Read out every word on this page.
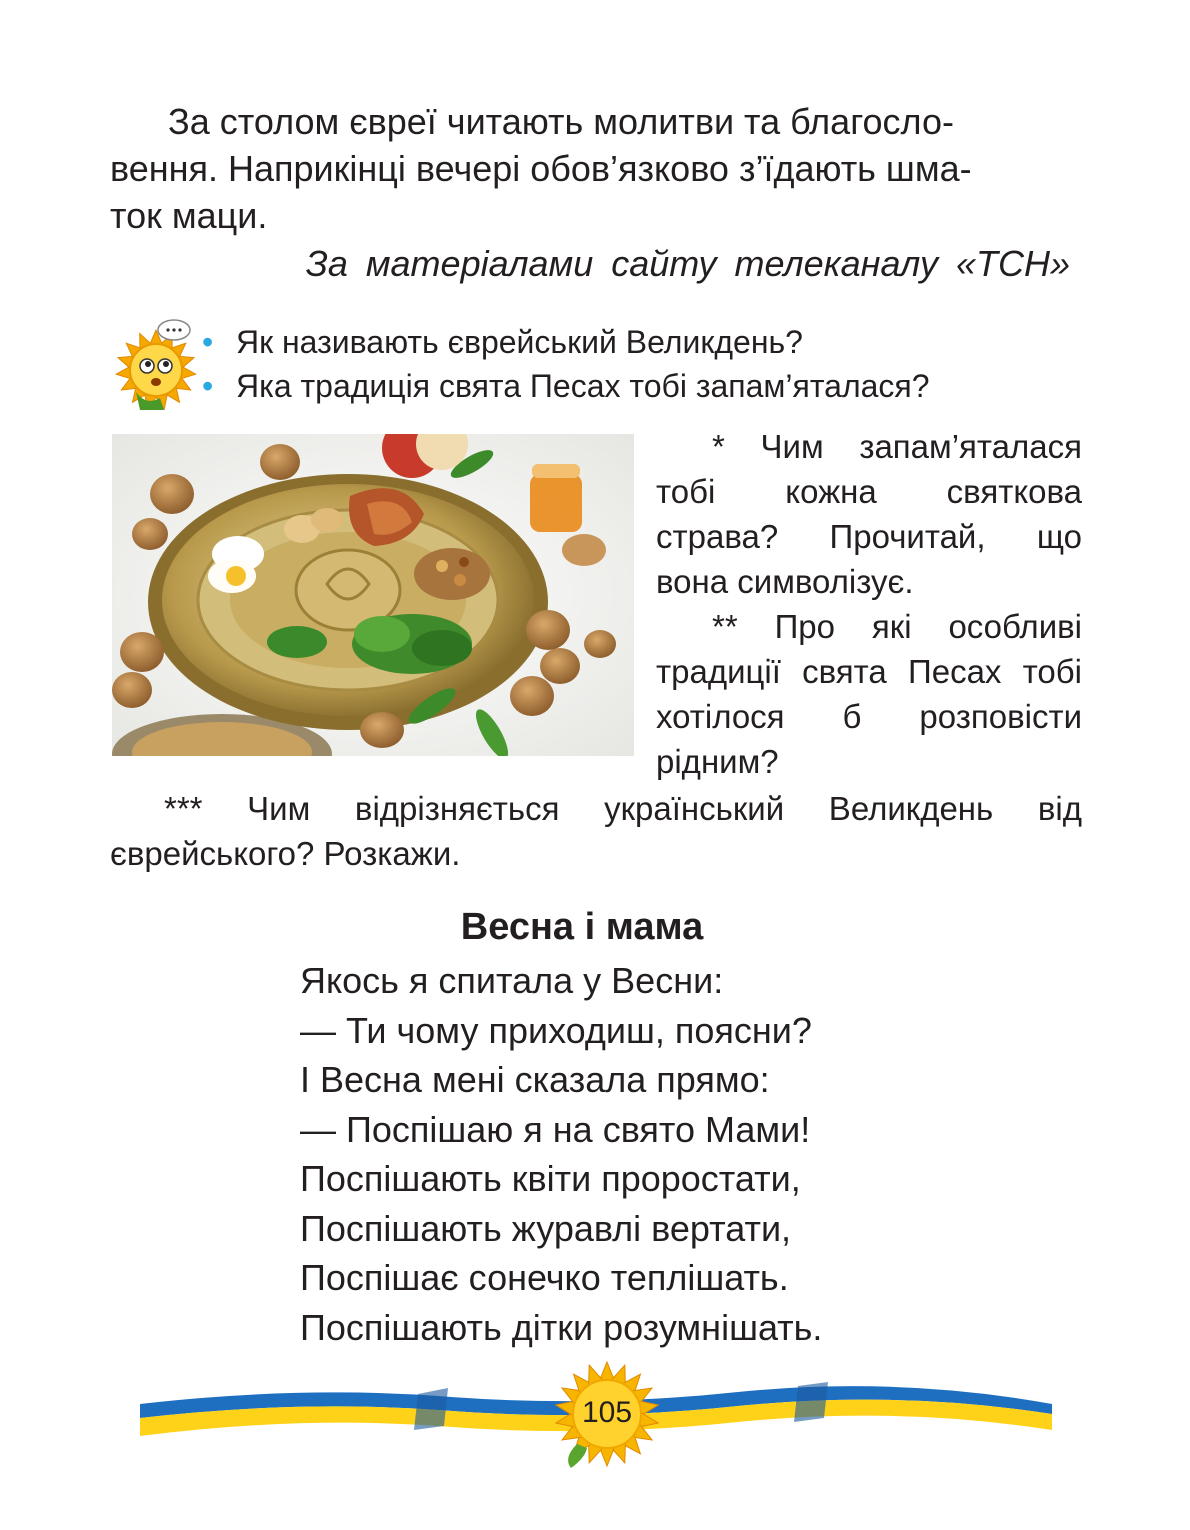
За столом євреї читають молитви та благосло-
вення. Наприкінці вечері обов’язково з’їдають шма-
ток маци.
За матеріалами сайту телеканалу «ТСН»
• Як називають єврейський Великдень?
• Яка традиція свята Песах тобі запам’яталася?
* Чим запам’яталася
тобі кожна святкова
страва? Прочитай, що
вона символізує.
** Про які особливі
традиції свята Песах тобі
хотілося б розповісти
рідним?
*** Чим відрізняється український Великдень від
єврейського? Розкажи.
Весна і мама
Якось я спитала у Весни:
— Ти чому приходиш, поясни?
І Весна мені сказала прямо:
— Поспішаю я на свято Мами!
Поспішають квіти проростати,
Поспішають журавлі вертати,
Поспішає сонечко теплішать.
Поспішають дітки розумнішать.
105
